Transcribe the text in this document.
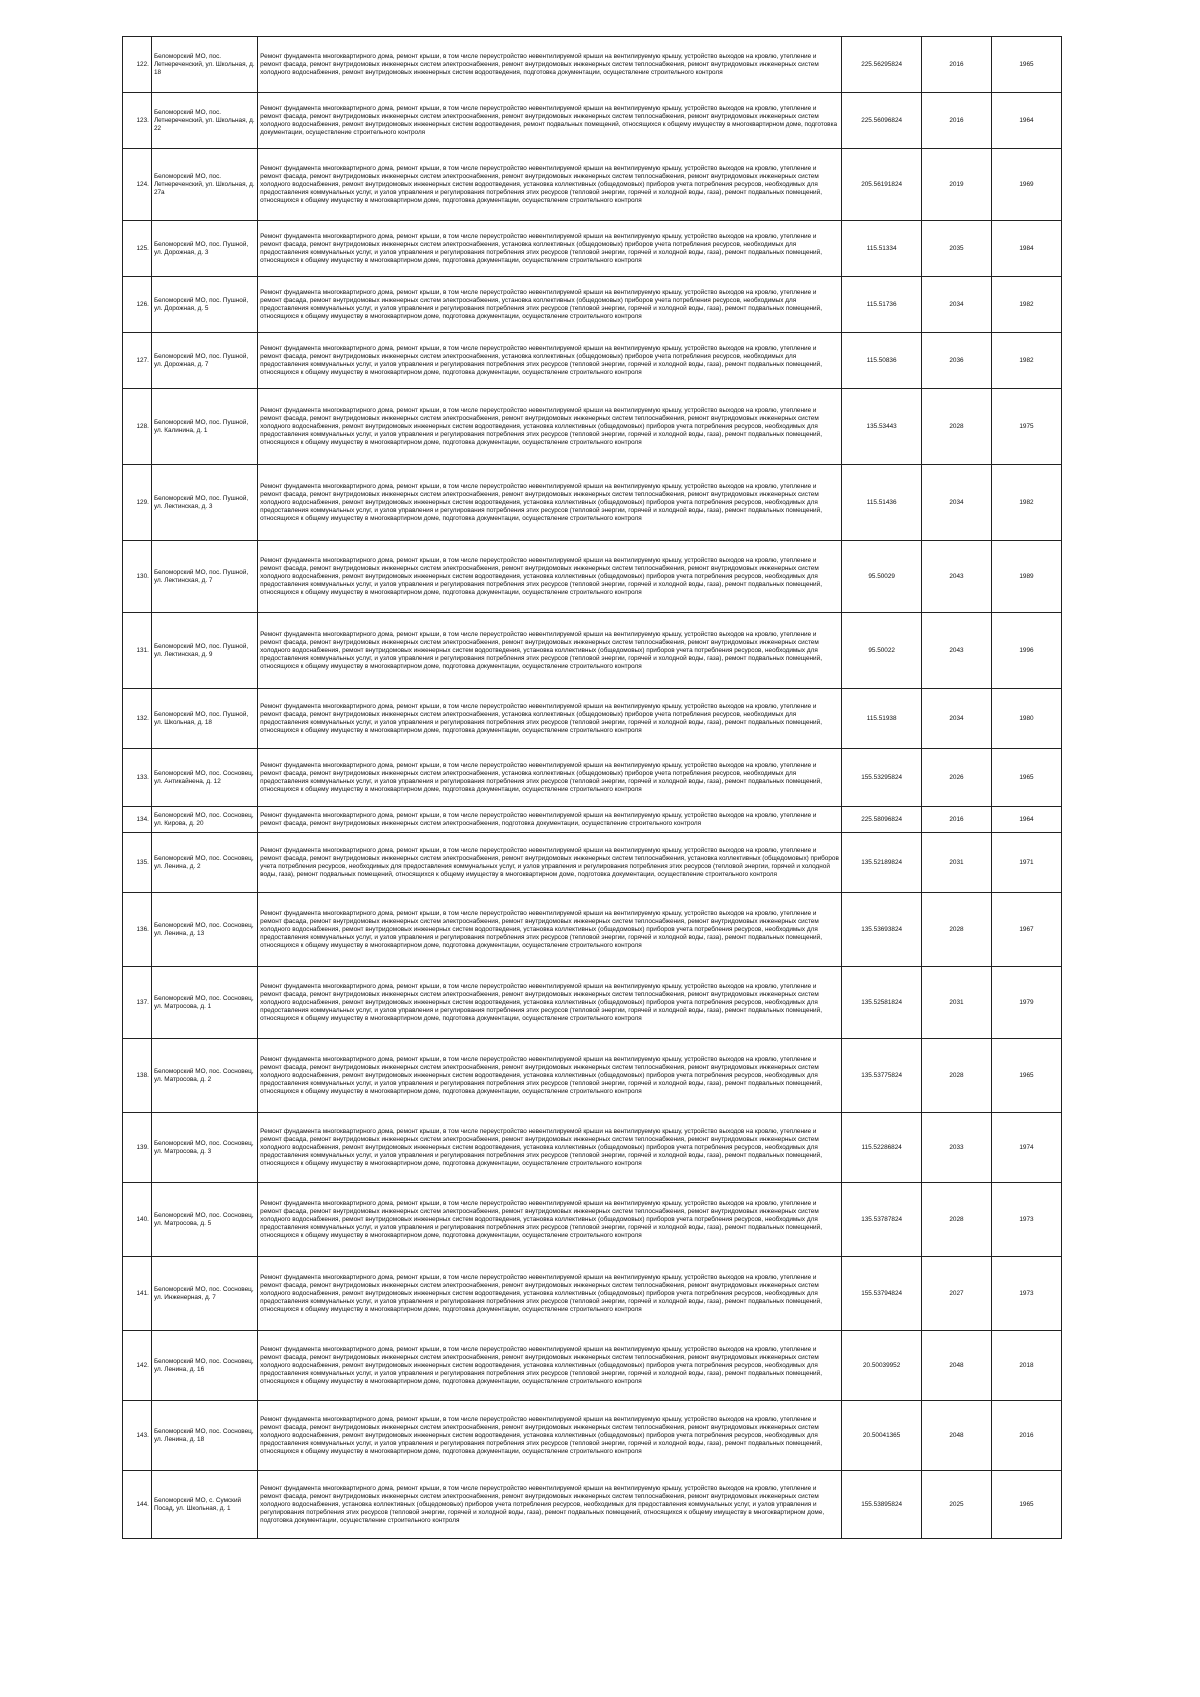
122.	Беломорский МО, пос. Летнереченский, ул. Школьная, д. 18	Ремонт фундамента многоквартирного дома, ремонт крыши, в том числе переустройство невентилируемой крыши на вентилируемую крышу, устройство выходов на кровлю, утепление и ремонт фасада, ремонт внутридомовых инженерных систем электроснабжения, ремонт внутридомовых инженерных систем теплоснабжения, ремонт внутридомовых инженерных систем холодного водоснабжения, ремонт внутридомовых инженерных систем водоотведения, подготовка документации, осуществление строительного контроля	225.56295824	2016	1965
123.	Беломорский МО, пос. Летнереченский, ул. Школьная, д. 22	Ремонт фундамента многоквартирного дома, ремонт крыши, в том числе переустройство невентилируемой крыши на вентилируемую крышу, устройство выходов на кровлю, утепление и ремонт фасада, ремонт внутридомовых инженерных систем электроснабжения, ремонт внутридомовых инженерных систем теплоснабжения, ремонт внутридомовых инженерных систем холодного водоснабжения, ремонт внутридомовых инженерных систем водоотведения, ремонт подвальных помещений, относящихся к общему имуществу в многоквартирном доме, подготовка документации, осуществление строительного контроля	225.56096824	2016	1964
124.	Беломорский МО, пос. Летнереченский, ул. Школьная, д. 27а	Ремонт фундамента многоквартирного дома, ремонт крыши, в том числе переустройство невентилируемой крыши на вентилируемую крышу, устройство выходов на кровлю, утепление и ремонт фасада, ремонт внутридомовых инженерных систем электроснабжения, ремонт внутридомовых инженерных систем теплоснабжения, ремонт внутридомовых инженерных систем холодного водоснабжения, ремонт внутридомовых инженерных систем водоотведения, установка коллективных (общедомовых) приборов учета потребления ресурсов, необходимых для предоставления коммунальных услуг, и узлов управления и регулирования потребления этих ресурсов (тепловой энергии, горячей и холодной воды, газа), ремонт подвальных помещений, относящихся к общему имуществу в многоквартирном доме, подготовка документации, осуществление строительного контроля	205.56191824	2019	1969
125.	Беломорский МО, пос. Пушной, ул. Дорожная, д. 3	Ремонт фундамента многоквартирного дома, ремонт крыши, в том числе переустройство невентилируемой крыши на вентилируемую крышу, устройство выходов на кровлю, утепление и ремонт фасада, ремонт внутридомовых инженерных систем электроснабжения, установка коллективных (общедомовых) приборов учета потребления ресурсов, необходимых для предоставления коммунальных услуг, и узлов управления и регулирования потребления этих ресурсов (тепловой энергии, горячей и холодной воды, газа), ремонт подвальных помещений, относящихся к общему имуществу в многоквартирном доме, подготовка документации, осуществление строительного контроля	115.51334	2035	1984
126.	Беломорский МО, пос. Пушной, ул. Дорожная, д. 5	Ремонт фундамента многоквартирного дома, ремонт крыши, в том числе переустройство невентилируемой крыши на вентилируемую крышу, устройство выходов на кровлю, утепление и ремонт фасада, ремонт внутридомовых инженерных систем электроснабжения, установка коллективных (общедомовых) приборов учета потребления ресурсов, необходимых для предоставления коммунальных услуг, и узлов управления и регулирования потребления этих ресурсов (тепловой энергии, горячей и холодной воды, газа), ремонт подвальных помещений, относящихся к общему имуществу в многоквартирном доме, подготовка документации, осуществление строительного контроля	115.51736	2034	1982
127.	Беломорский МО, пос. Пушной, ул. Дорожная, д. 7	Ремонт фундамента многоквартирного дома, ремонт крыши, в том числе переустройство невентилируемой крыши на вентилируемую крышу, устройство выходов на кровлю, утепление и ремонт фасада, ремонт внутридомовых инженерных систем электроснабжения, установка коллективных (общедомовых) приборов учета потребления ресурсов, необходимых для предоставления коммунальных услуг, и узлов управления и регулирования потребления этих ресурсов (тепловой энергии, горячей и холодной воды, газа), ремонт подвальных помещений, относящихся к общему имуществу в многоквартирном доме, подготовка документации, осуществление строительного контроля	115.50836	2036	1982
128.	Беломорский МО, пос. Пушной, ул. Калинина, д. 1	Ремонт фундамента многоквартирного дома, ремонт крыши, в том числе переустройство невентилируемой крыши на вентилируемую крышу, устройство выходов на кровлю, утепление и ремонт фасада, ремонт внутридомовых инженерных систем электроснабжения, ремонт внутридомовых инженерных систем теплоснабжения, ремонт внутридомовых инженерных систем холодного водоснабжения, ремонт внутридомовых инженерных систем водоотведения, установка коллективных (общедомовых) приборов учета потребления ресурсов, необходимых для предоставления коммунальных услуг, и узлов управления и регулирования потребления этих ресурсов (тепловой энергии, горячей и холодной воды, газа), ремонт подвальных помещений, относящихся к общему имуществу в многоквартирном доме, подготовка документации, осуществление строительного контроля	135.53443	2028	1975
129.	Беломорский МО, пос. Пушной, ул. Лектинская, д. 3	Ремонт фундамента многоквартирного дома, ремонт крыши, в том числе переустройство невентилируемой крыши на вентилируемую крышу, устройство выходов на кровлю, утепление и ремонт фасада, ремонт внутридомовых инженерных систем электроснабжения, ремонт внутридомовых инженерных систем теплоснабжения, ремонт внутридомовых инженерных систем холодного водоснабжения, ремонт внутридомовых инженерных систем водоотведения, установка коллективных (общедомовых) приборов учета потребления ресурсов, необходимых для предоставления коммунальных услуг, и узлов управления и регулирования потребления этих ресурсов (тепловой энергии, горячей и холодной воды, газа), ремонт подвальных помещений, относящихся к общему имуществу в многоквартирном доме, подготовка документации, осуществление строительного контроля	115.51436	2034	1982
130.	Беломорский МО, пос. Пушной, ул. Лектинская, д. 7	Ремонт фундамента многоквартирного дома, ремонт крыши, в том числе переустройство невентилируемой крыши на вентилируемую крышу, устройство выходов на кровлю, утепление и ремонт фасада, ремонт внутридомовых инженерных систем электроснабжения, ремонт внутридомовых инженерных систем теплоснабжения, ремонт внутридомовых инженерных систем холодного водоснабжения, ремонт внутридомовых инженерных систем водоотведения, установка коллективных (общедомовых) приборов учета потребления ресурсов, необходимых для предоставления коммунальных услуг, и узлов управления и регулирования потребления этих ресурсов (тепловой энергии, горячей и холодной воды, газа), ремонт подвальных помещений, относящихся к общему имуществу в многоквартирном доме, подготовка документации, осуществление строительного контроля	95.50029	2043	1989
131.	Беломорский МО, пос. Пушной, ул. Лектинская, д. 9	Ремонт фундамента многоквартирного дома, ремонт крыши, в том числе переустройство невентилируемой крыши на вентилируемую крышу, устройство выходов на кровлю, утепление и ремонт фасада, ремонт внутридомовых инженерных систем электроснабжения, ремонт внутридомовых инженерных систем теплоснабжения, ремонт внутридомовых инженерных систем холодного водоснабжения, ремонт внутридомовых инженерных систем водоотведения, установка коллективных (общедомовых) приборов учета потребления ресурсов, необходимых для предоставления коммунальных услуг, и узлов управления и регулирования потребления этих ресурсов (тепловой энергии, горячей и холодной воды, газа), ремонт подвальных помещений, относящихся к общему имуществу в многоквартирном доме, подготовка документации, осуществление строительного контроля	95.50022	2043	1996
132.	Беломорский МО, пос. Пушной, ул. Школьная, д. 18	Ремонт фундамента многоквартирного дома, ремонт крыши, в том числе переустройство невентилируемой крыши на вентилируемую крышу, устройство выходов на кровлю, утепление и ремонт фасада, ремонт внутридомовых инженерных систем электроснабжения, установка коллективных (общедомовых) приборов учета потребления ресурсов, необходимых для предоставления коммунальных услуг, и узлов управления и регулирования потребления этих ресурсов (тепловой энергии, горячей и холодной воды, газа), ремонт подвальных помещений, относящихся к общему имуществу в многоквартирном доме, подготовка документации, осуществление строительного контроля	115.51938	2034	1980
133.	Беломорский МО, пос. Сосновец, ул. Антикайнена, д. 12	Ремонт фундамента многоквартирного дома, ремонт крыши, в том числе переустройство невентилируемой крыши на вентилируемую крышу, устройство выходов на кровлю, утепление и ремонт фасада, ремонт внутридомовых инженерных систем электроснабжения, установка коллективных (общедомовых) приборов учета потребления ресурсов, необходимых для предоставления коммунальных услуг, и узлов управления и регулирования потребления этих ресурсов (тепловой энергии, горячей и холодной воды, газа), ремонт подвальных помещений, относящихся к общему имуществу в многоквартирном доме, подготовка документации, осуществление строительного контроля	155.53295824	2026	1965
134.	Беломорский МО, пос. Сосновец, ул. Кирова, д. 20	Ремонт фундамента многоквартирного дома, ремонт крыши, в том числе переустройство невентилируемой крыши на вентилируемую крышу, устройство выходов на кровлю, утепление и ремонт фасада, ремонт внутридомовых инженерных систем электроснабжения, подготовка документации, осуществление строительного контроля	225.58096824	2016	1964
135.	Беломорский МО, пос. Сосновец, ул. Ленина, д. 2	Ремонт фундамента многоквартирного дома, ремонт крыши, в том числе переустройство невентилируемой крыши на вентилируемую крышу, устройство выходов на кровлю, утепление и ремонт фасада, ремонт внутридомовых инженерных систем электроснабжения, ремонт внутридомовых инженерных систем теплоснабжения, установка коллективных (общедомовых) приборов учета потребления ресурсов, необходимых для предоставления коммунальных услуг, и узлов управления и регулирования потребления этих ресурсов (тепловой энергии, горячей и холодной воды, газа), ремонт подвальных помещений, относящихся к общему имуществу в многоквартирном доме, подготовка документации, осуществление строительного контроля	135.52189824	2031	1971
136.	Беломорский МО, пос. Сосновец, ул. Ленина, д. 13	Ремонт фундамента многоквартирного дома, ремонт крыши, в том числе переустройство невентилируемой крыши на вентилируемую крышу, устройство выходов на кровлю, утепление и ремонт фасада, ремонт внутридомовых инженерных систем электроснабжения, ремонт внутридомовых инженерных систем теплоснабжения, ремонт внутридомовых инженерных систем холодного водоснабжения, ремонт внутридомовых инженерных систем водоотведения, установка коллективных (общедомовых) приборов учета потребления ресурсов, необходимых для предоставления коммунальных услуг, и узлов управления и регулирования потребления этих ресурсов (тепловой энергии, горячей и холодной воды, газа), ремонт подвальных помещений, относящихся к общему имуществу в многоквартирном доме, подготовка документации, осуществление строительного контроля	135.53693824	2028	1967
137.	Беломорский МО, пос. Сосновец, ул. Матросова, д. 1	Ремонт фундамента многоквартирного дома, ремонт крыши, в том числе переустройство невентилируемой крыши на вентилируемую крышу, устройство выходов на кровлю, утепление и ремонт фасада, ремонт внутридомовых инженерных систем электроснабжения, ремонт внутридомовых инженерных систем теплоснабжения, ремонт внутридомовых инженерных систем холодного водоснабжения, ремонт внутридомовых инженерных систем водоотведения, установка коллективных (общедомовых) приборов учета потребления ресурсов, необходимых для предоставления коммунальных услуг, и узлов управления и регулирования потребления этих ресурсов (тепловой энергии, горячей и холодной воды, газа), ремонт подвальных помещений, относящихся к общему имуществу в многоквартирном доме, подготовка документации, осуществление строительного контроля	135.52581824	2031	1979
138.	Беломорский МО, пос. Сосновец, ул. Матросова, д. 2	Ремонт фундамента многоквартирного дома, ремонт крыши, в том числе переустройство невентилируемой крыши на вентилируемую крышу, устройство выходов на кровлю, утепление и ремонт фасада, ремонт внутридомовых инженерных систем электроснабжения, ремонт внутридомовых инженерных систем теплоснабжения, ремонт внутридомовых инженерных систем холодного водоснабжения, ремонт внутридомовых инженерных систем водоотведения, установка коллективных (общедомовых) приборов учета потребления ресурсов, необходимых для предоставления коммунальных услуг, и узлов управления и регулирования потребления этих ресурсов (тепловой энергии, горячей и холодной воды, газа), ремонт подвальных помещений, относящихся к общему имуществу в многоквартирном доме, подготовка документации, осуществление строительного контроля	135.53775824	2028	1965
139.	Беломорский МО, пос. Сосновец, ул. Матросова, д. 3	Ремонт фундамента многоквартирного дома, ремонт крыши, в том числе переустройство невентилируемой крыши на вентилируемую крышу, устройство выходов на кровлю, утепление и ремонт фасада, ремонт внутридомовых инженерных систем электроснабжения, ремонт внутридомовых инженерных систем теплоснабжения, ремонт внутридомовых инженерных систем холодного водоснабжения, ремонт внутридомовых инженерных систем водоотведения, установка коллективных (общедомовых) приборов учета потребления ресурсов, необходимых для предоставления коммунальных услуг, и узлов управления и регулирования потребления этих ресурсов (тепловой энергии, горячей и холодной воды, газа), ремонт подвальных помещений, относящихся к общему имуществу в многоквартирном доме, подготовка документации, осуществление строительного контроля	115.52286824	2033	1974
140.	Беломорский МО, пос. Сосновец, ул. Матросова, д. 5	Ремонт фундамента многоквартирного дома, ремонт крыши, в том числе переустройство невентилируемой крыши на вентилируемую крышу, устройство выходов на кровлю, утепление и ремонт фасада, ремонт внутридомовых инженерных систем электроснабжения, ремонт внутридомовых инженерных систем теплоснабжения, ремонт внутридомовых инженерных систем холодного водоснабжения, ремонт внутридомовых инженерных систем водоотведения, установка коллективных (общедомовых) приборов учета потребления ресурсов, необходимых для предоставления коммунальных услуг, и узлов управления и регулирования потребления этих ресурсов (тепловой энергии, горячей и холодной воды, газа), ремонт подвальных помещений, относящихся к общему имуществу в многоквартирном доме, подготовка документации, осуществление строительного контроля	135.53787824	2028	1973
141.	Беломорский МО, пос. Сосновец, ул. Инженерная, д. 7	Ремонт фундамента многоквартирного дома, ремонт крыши, в том числе переустройство невентилируемой крыши на вентилируемую крышу, устройство выходов на кровлю, утепление и ремонт фасада, ремонт внутридомовых инженерных систем электроснабжения, ремонт внутридомовых инженерных систем теплоснабжения, ремонт внутридомовых инженерных систем холодного водоснабжения, ремонт внутридомовых инженерных систем водоотведения, установка коллективных (общедомовых) приборов учета потребления ресурсов, необходимых для предоставления коммунальных услуг, и узлов управления и регулирования потребления этих ресурсов (тепловой энергии, горячей и холодной воды, газа), ремонт подвальных помещений, относящихся к общему имуществу в многоквартирном доме, подготовка документации, осуществление строительного контроля	155.53794824	2027	1973
142.	Беломорский МО, пос. Сосновец, ул. Ленина, д. 16	Ремонт фундамента многоквартирного дома, ремонт крыши, в том числе переустройство невентилируемой крыши на вентилируемую крышу, устройство выходов на кровлю, утепление и ремонт фасада, ремонт внутридомовых инженерных систем электроснабжения, ремонт внутридомовых инженерных систем теплоснабжения, ремонт внутридомовых инженерных систем холодного водоснабжения, ремонт внутридомовых инженерных систем водоотведения, установка коллективных (общедомовых) приборов учета потребления ресурсов, необходимых для предоставления коммунальных услуг, и узлов управления и регулирования потребления этих ресурсов (тепловой энергии, горячей и холодной воды, газа), ремонт подвальных помещений, относящихся к общему имуществу в многоквартирном доме, подготовка документации, осуществление строительного контроля	20.50039952	2048	2018
143.	Беломорский МО, пос. Сосновец, ул. Ленина, д. 18	Ремонт фундамента многоквартирного дома, ремонт крыши, в том числе переустройство невентилируемой крыши на вентилируемую крышу, устройство выходов на кровлю, утепление и ремонт фасада, ремонт внутридомовых инженерных систем электроснабжения, ремонт внутридомовых инженерных систем теплоснабжения, ремонт внутридомовых инженерных систем холодного водоснабжения, ремонт внутридомовых инженерных систем водоотведения, установка коллективных (общедомовых) приборов учета потребления ресурсов, необходимых для предоставления коммунальных услуг, и узлов управления и регулирования потребления этих ресурсов (тепловой энергии, горячей и холодной воды, газа), ремонт подвальных помещений, относящихся к общему имуществу в многоквартирном доме, подготовка документации, осуществление строительного контроля	20.50041365	2048	2016
144.	Беломорский МО, с. Сумский Посад, ул. Школьная, д. 1	Ремонт фундамента многоквартирного дома, ремонт крыши, в том числе переустройство невентилируемой крыши на вентилируемую крышу, устройство выходов на кровлю, утепление и ремонт фасада, ремонт внутридомовых инженерных систем электроснабжения, ремонт внутридомовых инженерных систем теплоснабжения, ремонт внутридомовых инженерных систем холодного водоснабжения, установка коллективных (общедомовых) приборов учета потребления ресурсов, необходимых для предоставления коммунальных услуг, и узлов управления и регулирования потребления этих ресурсов (тепловой энергии, горячей и холодной воды, газа), ремонт подвальных помещений, относящихся к общему имуществу в многоквартирном доме, подготовка документации, осуществление строительного контроля	155.53895824	2025	1965
